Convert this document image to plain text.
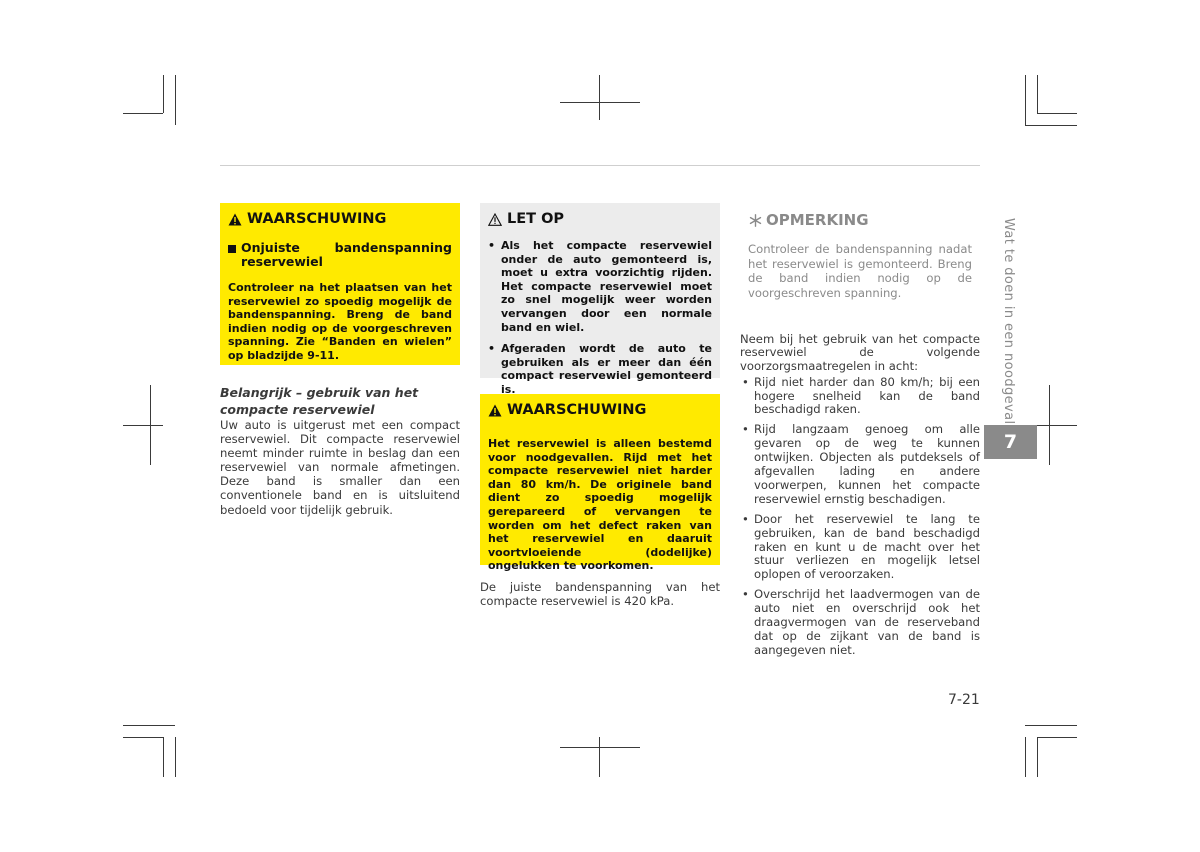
WAARSCHUWING
Onjuiste bandenspanning reservewiel
Controleer na het plaatsen van het reservewiel zo spoedig mogelijk de bandenspanning. Breng de band indien nodig op de voorgeschreven spanning. Zie “Banden en wielen” op bladzijde 9-11.
Belangrijk – gebruik van het compacte reservewiel
Uw auto is uitgerust met een compact reservewiel. Dit compacte reservewiel neemt minder ruimte in beslag dan een reservewiel van normale afmetingen. Deze band is smaller dan een conventionele band en is uitsluitend bedoeld voor tijdelijk gebruik.
LET OP
• Als het compacte reservewiel onder de auto gemonteerd is, moet u extra voorzichtig rijden. Het compacte reservewiel moet zo snel mogelijk weer worden vervangen door een normale band en wiel.
• Afgeraden wordt de auto te gebruiken als er meer dan één compact reservewiel gemonteerd is.
WAARSCHUWING
Het reservewiel is alleen bestemd voor noodgevallen. Rijd met het compacte reservewiel niet harder dan 80 km/h. De originele band dient zo spoedig mogelijk gerepareerd of vervangen te worden om het defect raken van het reservewiel en daaruit voortvloeiende (dodelijke) ongelukken te voorkomen.
De juiste bandenspanning van het compacte reservewiel is 420 kPa.
OPMERKING
Controleer de bandenspanning nadat het reservewiel is gemonteerd. Breng de band indien nodig op de voorgeschreven spanning.
Neem bij het gebruik van het compacte reservewiel de volgende voorzorgsmaatregelen in acht:
• Rijd niet harder dan 80 km/h; bij een hogere snelheid kan de band beschadigd raken.
• Rijd langzaam genoeg om alle gevaren op de weg te kunnen ontwijken. Objecten als putdeksels of afgevallen lading en andere voorwerpen, kunnen het compacte reservewiel ernstig beschadigen.
• Door het reservewiel te lang te gebruiken, kan de band beschadigd raken en kunt u de macht over het stuur verliezen en mogelijk letsel oplopen of veroorzaken.
• Overschrijd het laadvermogen van de auto niet en overschrijd ook het draagvermogen van de reserveband dat op de zijkant van de band is aangegeven niet.
Wat te doen in een noodgeval
7
7-21
